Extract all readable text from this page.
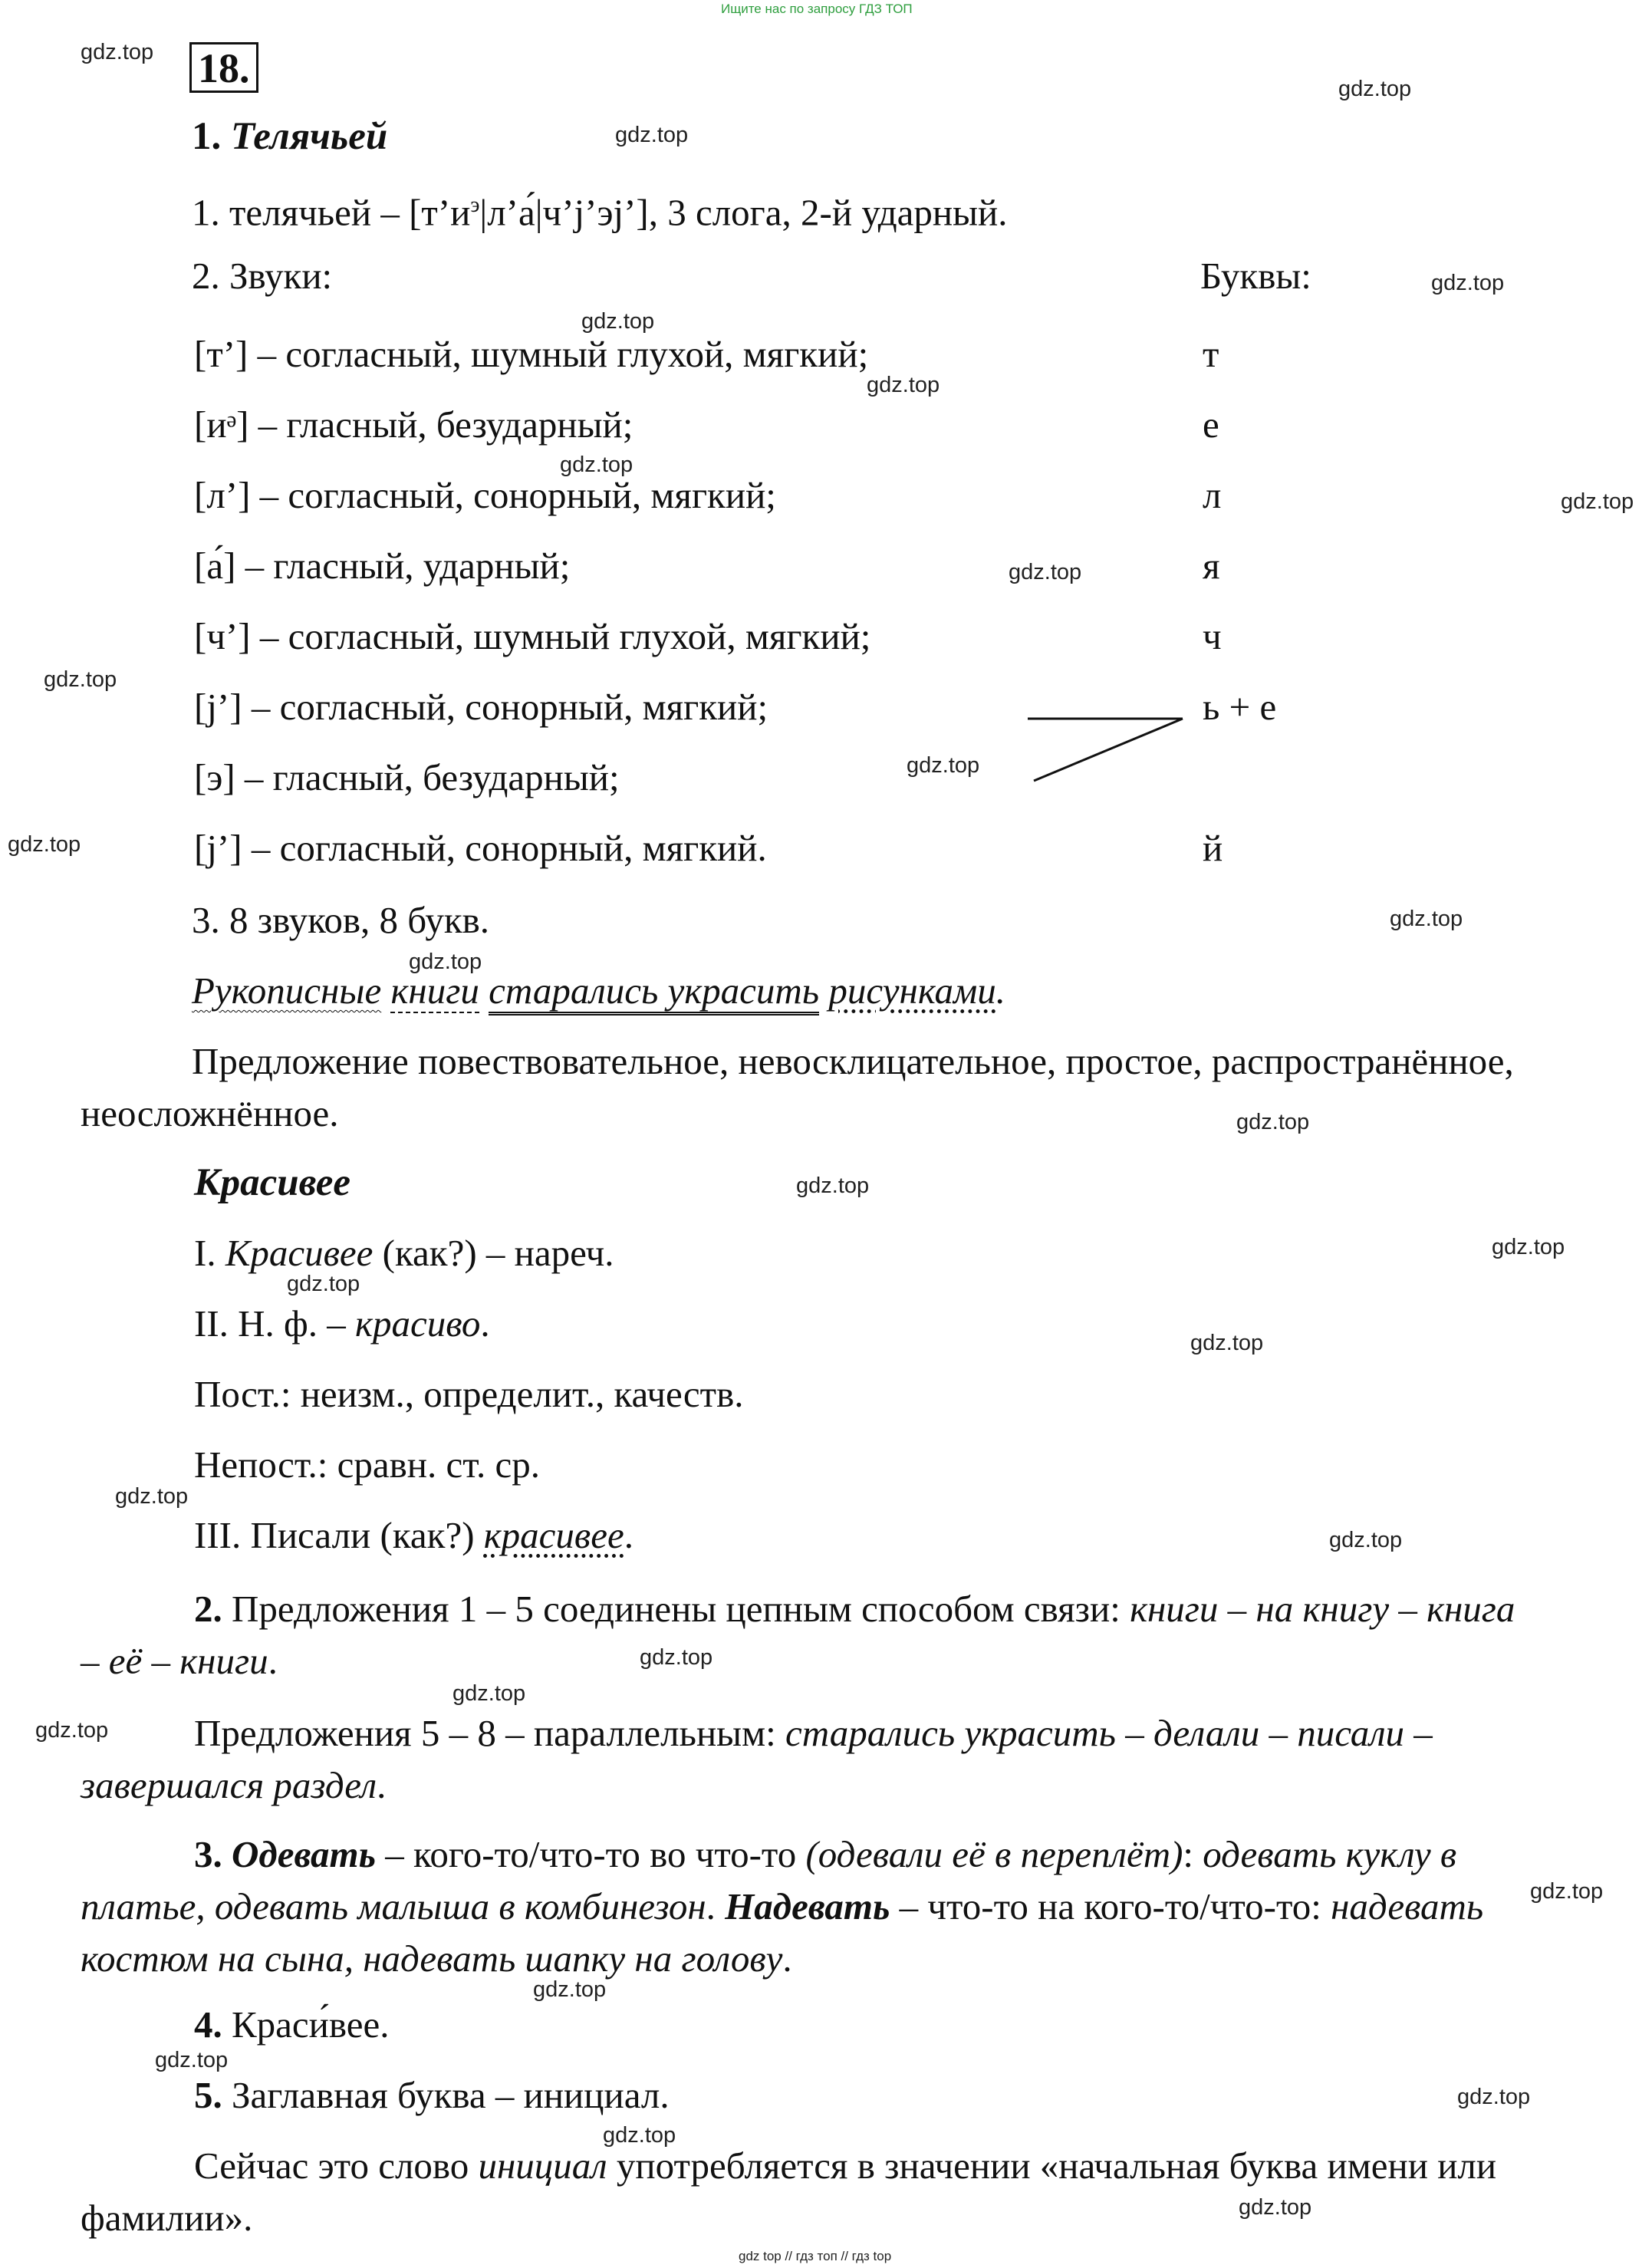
Ищите нас по запросу ГДЗ ТОП
18.
1. Телячьей
1. телячьей – $[т’и^э|л’а́|ч’j’эj’]$, 3 слога, 2-й ударный.
2. Звуки:	Буквы:
[т’] – согласный, шумный глухой, мягкий;
[иᵊ] – гласный, безударный;
[л’] – согласный, сонорный, мягкий;
[а́] – гласный, ударный;
[ч’] – согласный, шумный глухой, мягкий;
[j’] – согласный, сонорный, мягкий;
[э] – гласный, безударный;
[j’] – согласный, сонорный, мягкий.
т
е
л
я
ч
ь + е
й
3. 8 звуков, 8 букв.
Рукописные книги старались украсить рисунками.
Предложение повествовательное, невосклицательное, простое, распространённое, неосложнённое.
Красивее
I. Красивее (как?) – нареч.
II. Н. ф. – красиво.
Пост.: неизм., определит., качеств.
Непост.: сравн. ст. ср.
III. Писали (как?) красивее.
2. Предложения 1 – 5 соединены цепным способом связи: книги – на книгу – книга – её – книги.
Предложения 5 – 8 – параллельным: старались украсить – делали – писали – завершался раздел.
3. Одевать – кого-то/что-то во что-то (одевали её в переплёт): одевать куклу в платье, одевать малыша в комбинезон. Надевать – что-то на кого-то/что-то: надевать костюм на сына, надевать шапку на голову.
4. Краси́вее.
5. Заглавная буква – инициал.
Сейчас это слово инициал употребляется в значении «начальная буква имени или фамилии».
gdz.top
gdz.top
gdz.top
gdz.top
gdz.top
gdz.top
gdz.top
gdz.top
gdz.top
gdz.top
gdz.top
gdz.top
gdz.top
gdz.top
gdz.top
gdz.top
gdz.top
gdz.top
gdz.top
gdz.top
gdz.top
gdz.top
gdz.top
gdz.top
gdz.top
gdz.top
gdz.top
gdz.top
gdz.top
gdz.top
gdz top // гдз топ // гдз top
